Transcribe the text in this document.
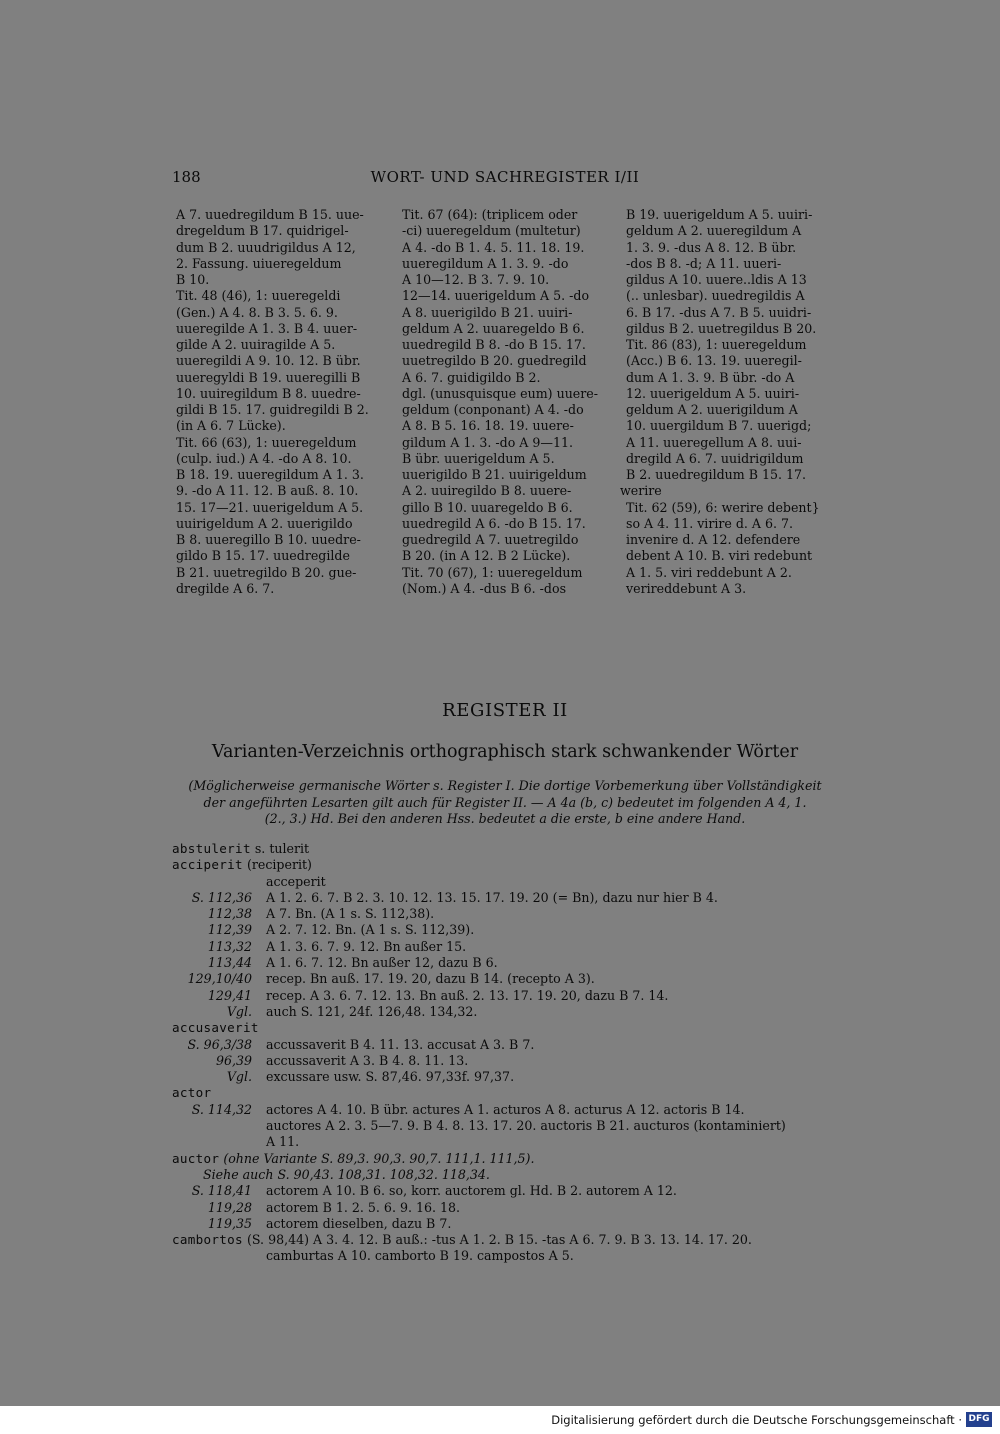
188	WORT- UND SACHREGISTER I/II
A 7. uuedregildum B 15. uue-
dregeldum B 17. quidrigel-
dum B 2. uuudrigildus A 12,
2. Fassung. uiueregeldum
B 10.
Tit. 48 (46), 1: uueregeldi
(Gen.) A 4. 8. B 3. 5. 6. 9.
uueregilde A 1. 3. B 4. uuer-
gilde A 2. uuiragilde A 5.
uueregildi A 9. 10. 12. B übr.
uueregyldi B 19. uueregilli B
10. uuiregildum B 8. uuedre-
gildi B 15. 17. guidregildi B 2.
(in A 6. 7 Lücke).
Tit. 66 (63), 1: uueregeldum
(culp. iud.) A 4. -do A 8. 10.
B 18. 19. uueregildum A 1. 3.
9. -do A 11. 12. B auß. 8. 10.
15. 17—21. uuerigeldum A 5.
uuirigeldum A 2. uuerigildo
B 8. uueregillo B 10. uuedre-
gildo B 15. 17. uuedregilde
B 21. uuetregildo B 20. gue-
dregilde A 6. 7.
Tit. 67 (64): (triplicem oder
-ci) uueregeldum (multetur)
A 4. -do B 1. 4. 5. 11. 18. 19.
uueregildum A 1. 3. 9. -do
A 10—12. B 3. 7. 9. 10.
12—14. uuerigeldum A 5. -do
A 8. uuerigildo B 21. uuiri-
geldum A 2. uuaregeldo B 6.
uuedregild B 8. -do B 15. 17.
uuetregildo B 20. guedregild
A 6. 7. guidigildo B 2.
dgl. (unusquisque eum) uuere-
geldum (conponant) A 4. -do
A 8. B 5. 16. 18. 19. uuere-
gildum A 1. 3. -do A 9—11.
B übr. uuerigeldum A 5.
uuerigildo B 21. uuirigeldum
A 2. uuiregildo B 8. uuere-
gillo B 10. uuaregeldo B 6.
uuedregild A 6. -do B 15. 17.
guedregild A 7. uuetregildo
B 20. (in A 12. B 2 Lücke).
Tit. 70 (67), 1: uueregeldum
(Nom.) A 4. -dus B 6. -dos
B 19. uuerigeldum A 5. uuiri-
geldum A 2. uueregildum A
1. 3. 9. -dus A 8. 12. B übr.
-dos B 8. -d; A 11. uueri-
gildus A 10. uuere..ldis A 13
(.. unlesbar). uuedregildis A
6. B 17. -dus A 7. B 5. uuidri-
gildus B 2. uuetregildus B 20.
Tit. 86 (83), 1: uueregeldum
(Acc.) B 6. 13. 19. uueregil-
dum A 1. 3. 9. B übr. -do A
12. uuerigeldum A 5. uuiri-
geldum A 2. uuerigildum A
10. uuergildum B 7. uuerigd;
A 11. uueregellum A 8. uui-
dregild A 6. 7. uuidrigildum
B 2. uuedregildum B 15. 17.
werire
Tit. 62 (59), 6: werire debent}
so A 4. 11. virire d. A 6. 7.
invenire d. A 12. defendere
debent A 10. B. viri redebunt
A 1. 5. viri reddebunt A 2.
verireddebunt A 3.
REGISTER II
Varianten-Verzeichnis orthographisch stark schwankender Wörter
(Möglicherweise germanische Wörter s. Register I. Die dortige Vorbemerkung über Vollständigkeit
der angeführten Lesarten gilt auch für Register II. — A 4a (b, c) bedeutet im folgenden A 4, 1.
(2., 3.) Hd. Bei den anderen Hss. bedeutet a die erste, b eine andere Hand.
abstulerit s. tulerit
acciperit (reciperit)
acceperit
S. 112,36 A 1. 2. 6. 7. B 2. 3. 10. 12. 13. 15. 17. 19. 20 (= Bn), dazu nur hier B 4.
112,38 A 7. Bn. (A 1 s. S. 112,38).
112,39 A 2. 7. 12. Bn. (A 1 s. S. 112,39).
113,32 A 1. 3. 6. 7. 9. 12. Bn außer 15.
113,44 A 1. 6. 7. 12. Bn außer 12, dazu B 6.
129,10/40 recep. Bn auß. 17. 19. 20, dazu B 14. (recepto A 3).
129,41 recep. A 3. 6. 7. 12. 13. Bn auß. 2. 13. 17. 19. 20, dazu B 7. 14.
Vgl. auch S. 121, 24f. 126,48. 134,32.
accusaverit
S. 96,3/38 accussaverit B 4. 11. 13. accusat A 3. B 7.
96,39 accussaverit A 3. B 4. 8. 11. 13.
Vgl. excussare usw. S. 87,46. 97,33f. 97,37.
actor
S. 114,32 actores A 4. 10. B übr. actures A 1. acturos A 8. acturus A 12. actoris B 14.
auctores A 2. 3. 5—7. 9. B 4. 8. 13. 17. 20. auctoris B 21. aucturos (kontaminiert)
A 11.
auctor (ohne Variante S. 89,3. 90,3. 90,7. 111,1. 111,5).
Siehe auch S. 90,43. 108,31. 108,32. 118,34.
S. 118,41 actorem A 10. B 6. so, korr. auctorem gl. Hd. B 2. autorem A 12.
119,28 actorem B 1. 2. 5. 6. 9. 16. 18.
119,35 actorem dieselben, dazu B 7.
cambortos (S. 98,44) A 3. 4. 12. B auß.: -tus A 1. 2. B 15. -tas A 6. 7. 9. B 3. 13. 14. 17. 20.
camburtas A 10. camborto B 19. campostos A 5.
Digitalisierung gefördert durch die Deutsche Forschungsgemeinschaft · DFG
